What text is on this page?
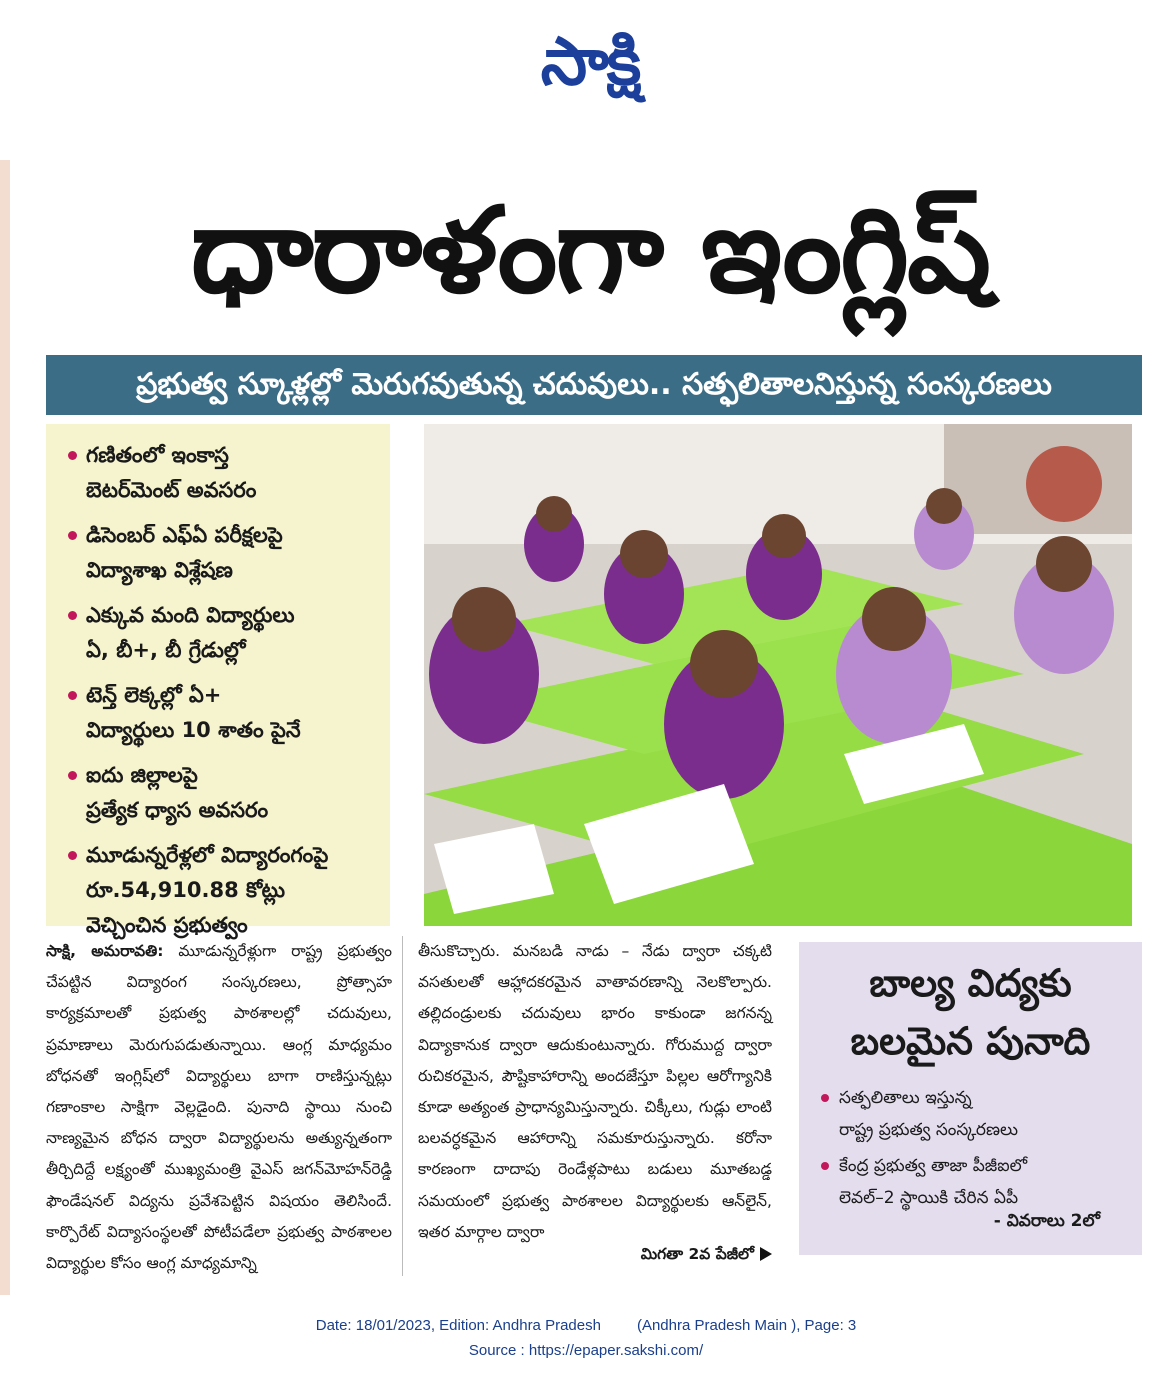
సాక్షి
ధారాళంగా ఇంగ్లిష్‌
ప్రభుత్వ స్కూళ్లల్లో మెరుగవుతున్న చదువులు.. సత్ఫలితాలనిస్తున్న సంస్కరణలు
గణితంలో ఇంకాస్త
బెటర్‌మెంట్‌ అవసరం
డిసెంబర్‌ ఎఫ్‌ఏ పరీక్షలపై
విద్యాశాఖ విశ్లేషణ
ఎక్కువ మంది విద్యార్థులు
ఏ, బీ+, బీ గ్రేడుల్లో
టెన్త్‌ లెక్కల్లో ఏ+
విద్యార్థులు 10 శాతం పైనే
ఐదు జిల్లాలపై
ప్రత్యేక ధ్యాస అవసరం
మూడున్నరేళ్లలో విద్యారంగంపై
రూ.54,910.88 కోట్లు
వెచ్చించిన ప్రభుత్వం
సాక్షి, అమరావతి: మూడున్నరేళ్లుగా రాష్ట్ర ప్రభుత్వం చేపట్టిన విద్యారంగ సంస్కరణలు, ప్రోత్సాహ కార్యక్రమాలతో ప్రభుత్వ పాఠశాలల్లో చదువులు, ప్రమాణాలు మెరుగుపడుతున్నాయి. ఆంగ్ల మాధ్యమం బోధనతో ఇంగ్లిష్‌లో విద్యార్థులు బాగా రాణిస్తున్నట్లు గణాంకాల సాక్షిగా వెల్లడైంది. పునాది స్థాయి నుంచి నాణ్యమైన బోధన ద్వారా విద్యార్థులను అత్యున్నతంగా తీర్చిదిద్దే లక్ష్యంతో ముఖ్యమంత్రి వైఎస్‌ జగన్‌మోహన్‌రెడ్డి ఫౌండేషనల్‌ విద్యను ప్రవేశపెట్టిన విషయం తెలిసిందే. కార్పొరేట్‌ విద్యాసంస్థలతో పోటీపడేలా ప్రభుత్వ పాఠశాలల విద్యార్థుల కోసం ఆంగ్ల మాధ్యమాన్ని
తీసుకొచ్చారు. మనబడి నాడు – నేడు ద్వారా చక్కటి వసతులతో ఆహ్లాదకరమైన వాతావరణాన్ని నెలకొల్పారు. తల్లిదండ్రులకు చదువులు భారం కాకుండా జగనన్న విద్యాకానుక ద్వారా ఆదుకుంటున్నారు. గోరుముద్ద ద్వారా రుచికరమైన, పౌష్టికాహారాన్ని అందజేస్తూ పిల్లల ఆరోగ్యానికి కూడా అత్యంత ప్రాధాన్యమిస్తున్నారు. చిక్కీలు, గుడ్లు లాంటి బలవర్ధకమైన ఆహారాన్ని సమకూరుస్తున్నారు. కరోనా కారణంగా దాదాపు రెండేళ్లపాటు బడులు మూతబడ్డ సమయంలో ప్రభుత్వ పాఠశాలల విద్యార్థులకు ఆన్‌లైన్‌, ఇతర మార్గాల ద్వారా
మిగతా 2వ పేజీలో
బాల్య విద్యకు
బలమైన పునాది
సత్ఫలితాలు ఇస్తున్న
రాష్ట్ర ప్రభుత్వ సంస్కరణలు
కేంద్ర ప్రభుత్వ తాజా పీజీఐలో
లెవల్‌–2 స్థాయికి చేరిన ఏపీ
- వివరాలు 2లో
Date: 18/01/2023, Edition: Andhra Pradesh (Andhra Pradesh Main ), Page: 3
Source : https://epaper.sakshi.com/
